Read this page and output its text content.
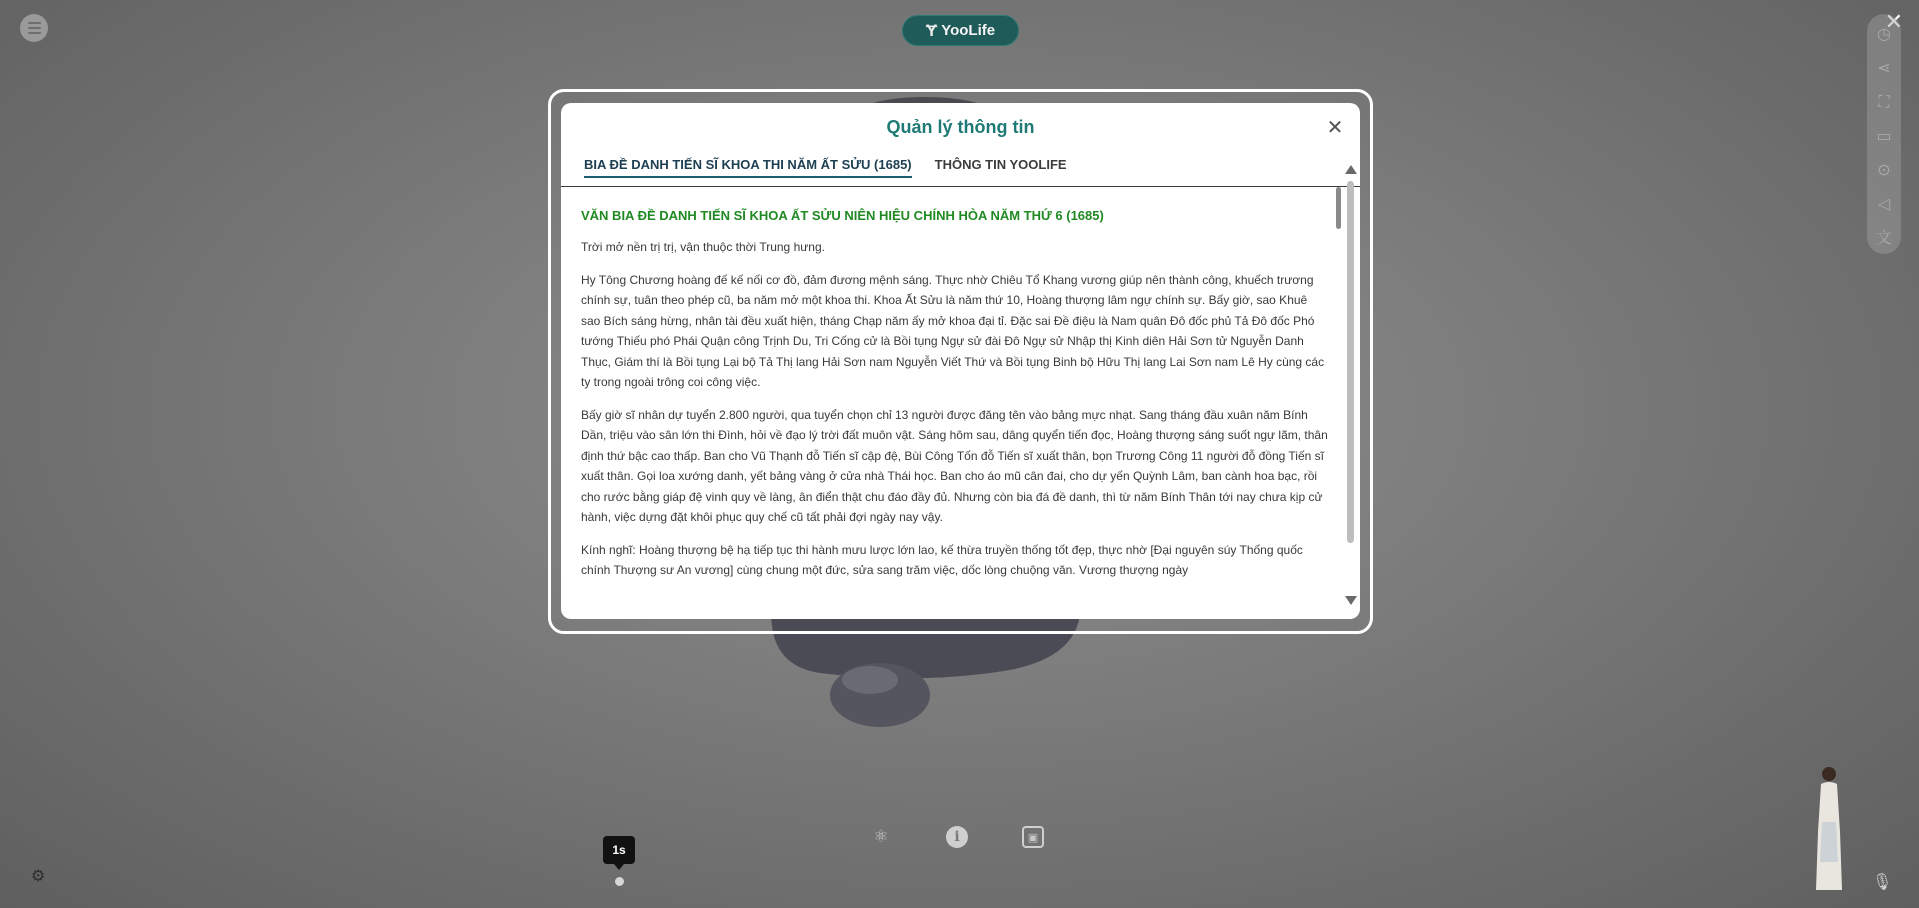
Ɏ YooLife	✕
◷
⋖
⛶
▭
⊙
◁
文
🎙
⚙
1s
⚛	i	▣
Quản lý thông tin	✕
BIA ĐỀ DANH TIẾN SĨ KHOA THI NĂM ẤT SỬU (1685) THÔNG TIN YOOLIFE
VĂN BIA ĐỀ DANH TIẾN SĨ KHOA ẤT SỬU NIÊN HIỆU CHÍNH HÒA NĂM THỨ 6 (1685)

Trời mở nền trị trị, vận thuộc thời Trung hưng.

Hy Tông Chương hoàng đế kế nối cơ đồ, đảm đương mệnh sáng. Thực nhờ Chiêu Tổ Khang vương giúp nên thành công, khuếch trương chính sự, tuân theo phép cũ, ba năm mở một khoa thi. Khoa Ất Sửu là năm thứ 10, Hoàng thượng lâm ngự chính sự. Bấy giờ, sao Khuê sao Bích sáng hừng, nhân tài đều xuất hiện, tháng Chạp năm ấy mở khoa đại tỉ. Đặc sai Đề điệu là Nam quân Đô đốc phủ Tả Đô đốc Phó tướng Thiếu phó Phái Quận công Trịnh Du, Tri Cống cử là Bồi tụng Ngự sử đài Đô Ngự sử Nhập thị Kinh diên Hải Sơn tử Nguyễn Danh Thục, Giám thí là Bồi tụng Lại bộ Tả Thị lang Hải Sơn nam Nguyễn Viết Thứ và Bồi tụng Binh bộ Hữu Thị lang Lai Sơn nam Lê Hy cùng các ty trong ngoài trông coi công việc.

Bấy giờ sĩ nhân dự tuyển 2.800 người, qua tuyển chọn chỉ 13 người được đăng tên vào bảng mực nhạt. Sang tháng đầu xuân năm Bính Dần, triệu vào sân lớn thi Đình, hỏi về đạo lý trời đất muôn vật. Sáng hôm sau, dâng quyển tiến đọc, Hoàng thượng sáng suốt ngự lãm, thân định thứ bậc cao thấp. Ban cho Vũ Thạnh đỗ Tiến sĩ cập đệ, Bùi Công Tốn đỗ Tiến sĩ xuất thân, bọn Trương Công 11 người đỗ đồng Tiến sĩ xuất thân. Gọi loa xướng danh, yết bảng vàng ở cửa nhà Thái học. Ban cho áo mũ cân đai, cho dự yến Quỳnh Lâm, ban cành hoa bạc, rồi cho rước bằng giáp đệ vinh quy về làng, ân điển thật chu đáo đầy đủ. Nhưng còn bia đá đề danh, thì từ năm Bính Thân tới nay chưa kịp cử hành, việc dựng đặt khôi phục quy chế cũ tất phải đợi ngày nay vậy.

Kính nghĩ: Hoàng thượng bệ hạ tiếp tục thi hành mưu lược lớn lao, kế thừa truyền thống tốt đẹp, thực nhờ [Đại nguyên súy Thống quốc chính Thượng sư An vương] cùng chung một đức, sửa sang trăm việc, dốc lòng chuộng văn. Vương thượng ngày
